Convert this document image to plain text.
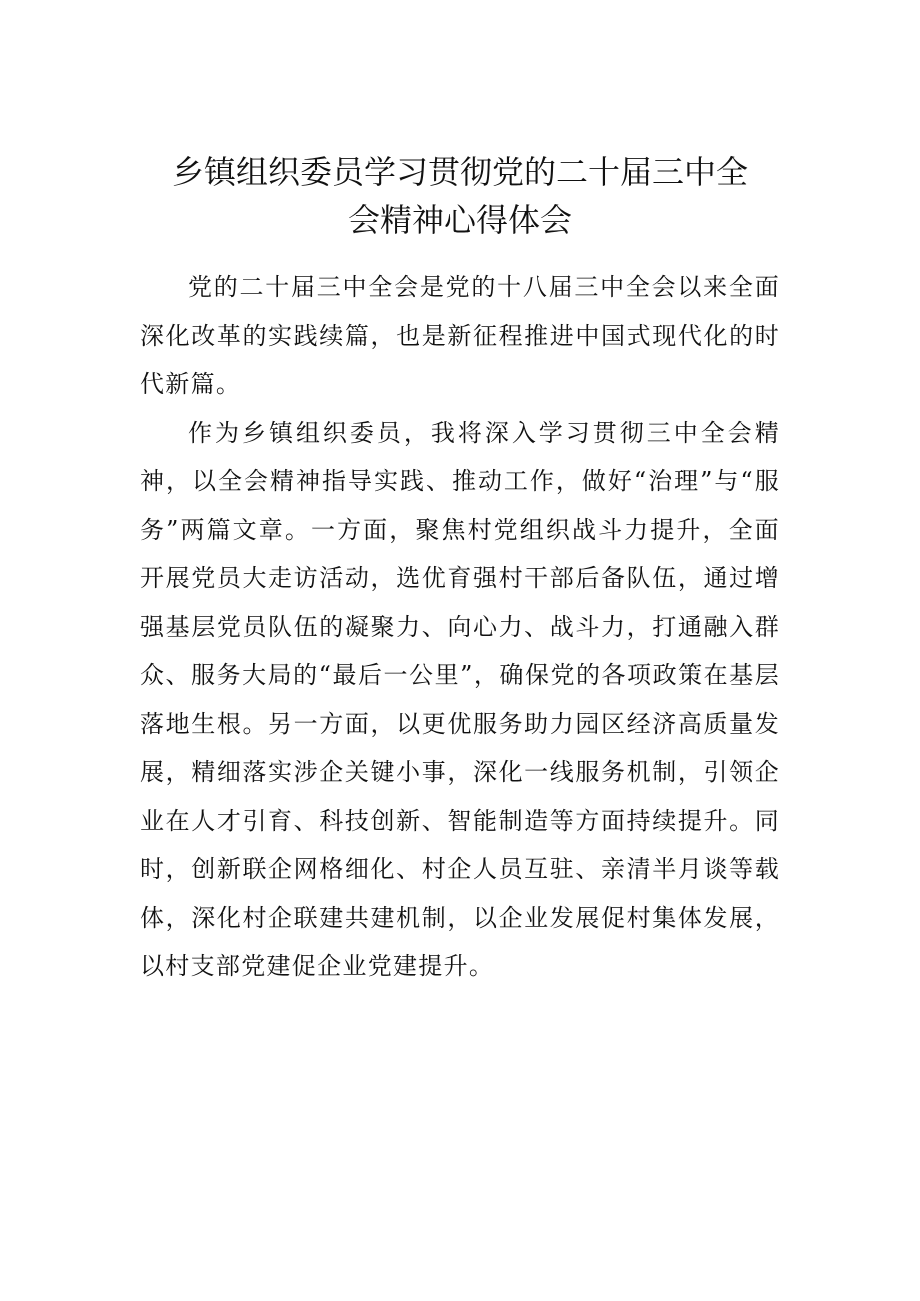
乡镇组织委员学习贯彻党的二十届三中全
会精神心得体会

党的二十届三中全会是党的十八届三中全会以来全面深化改革的实践续篇，也是新征程推进中国式现代化的时代新篇。

作为乡镇组织委员，我将深入学习贯彻三中全会精神，以全会精神指导实践、推动工作，做好“治理”与“服务”两篇文章。一方面，聚焦村党组织战斗力提升，全面开展党员大走访活动，选优育强村干部后备队伍，通过增强基层党员队伍的凝聚力、向心力、战斗力，打通融入群众、服务大局的“最后一公里”，确保党的各项政策在基层落地生根。另一方面，以更优服务助力园区经济高质量发展，精细落实涉企关键小事，深化一线服务机制，引领企业在人才引育、科技创新、智能制造等方面持续提升。同时，创新联企网格细化、村企人员互驻、亲清半月谈等载体，深化村企联建共建机制，以企业发展促村集体发展，以村支部党建促企业党建提升。
